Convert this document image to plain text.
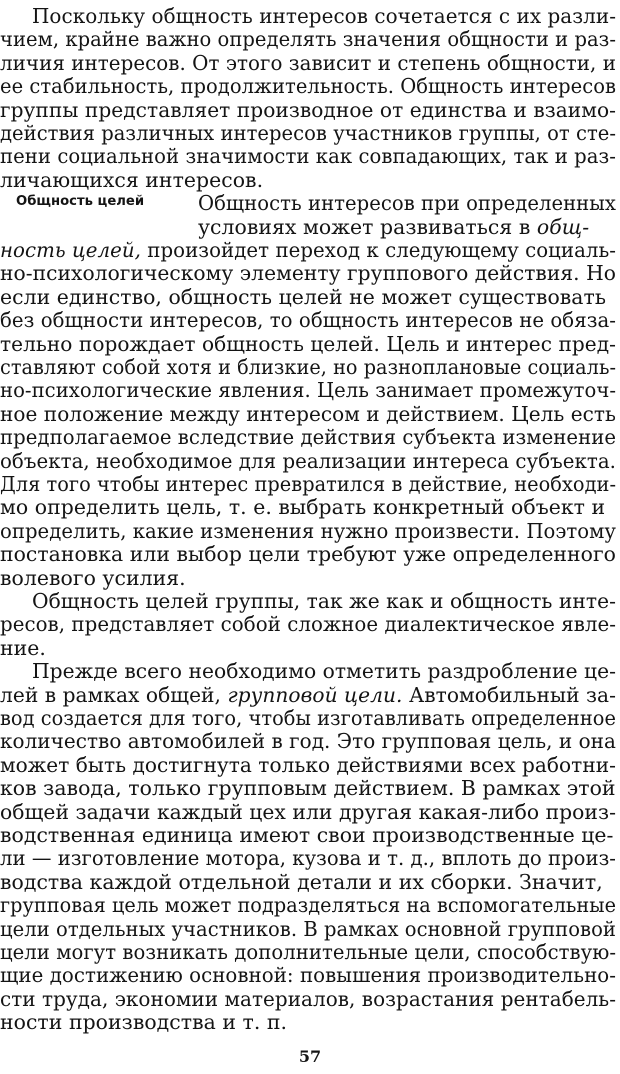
Поскольку общность интересов сочетается с их разли-
чием, крайне важно определять значения общности и раз-
личия интересов. От этого зависит и степень общности, и
ее стабильность, продолжительность. Общность интересов
группы представляет производное от единства и взаимо-
действия различных интересов участников группы, от сте-
пени социальной значимости как совпадающих, так и раз-
личающихся интересов.
Общность целей	Общность интересов при определенных
условиях может развиваться в общ-
ность целей, произойдет переход к следующему социаль-
но-психологическому элементу группового действия. Но
если единство, общность целей не может существовать
без общности интересов, то общность интересов не обяза-
тельно порождает общность целей. Цель и интерес пред-
ставляют собой хотя и близкие, но разноплановые социаль-
но-психологические явления. Цель занимает промежуточ-
ное положение между интересом и действием. Цель есть
предполагаемое вследствие действия субъекта изменение
объекта, необходимое для реализации интереса субъекта.
Для того чтобы интерес превратился в действие, необходи-
мо определить цель, т. е. выбрать конкретный объект и
определить, какие изменения нужно произвести. Поэтому
постановка или выбор цели требуют уже определенного
волевого усилия.
Общность целей группы, так же как и общность инте-
ресов, представляет собой сложное диалектическое явле-
ние.
Прежде всего необходимо отметить раздробление це-
лей в рамках общей, групповой цели. Автомобильный за-
вод создается для того, чтобы изготавливать определенное
количество автомобилей в год. Это групповая цель, и она
может быть достигнута только действиями всех работни-
ков завода, только групповым действием. В рамках этой
общей задачи каждый цех или другая какая-либо произ-
водственная единица имеют свои производственные це-
ли — изготовление мотора, кузова и т. д., вплоть до произ-
водства каждой отдельной детали и их сборки. Значит,
групповая цель может подразделяться на вспомогательные
цели отдельных участников. В рамках основной групповой
57
цели могут возникать дополнительные цели, способствую-
щие достижению основной: повышения производительно-
сти труда, экономии материалов, возрастания рентабель-
ности производства и т. п.
